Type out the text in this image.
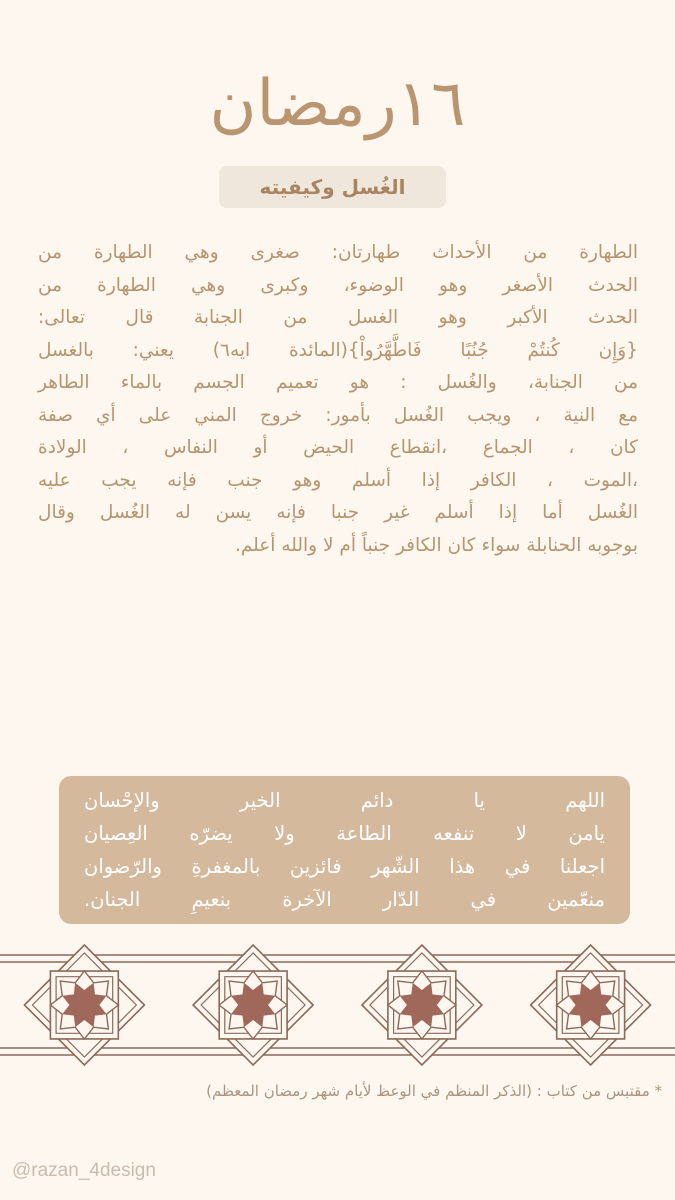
١٦رمضان
الغُسل وكيفيته

الطهارة من الأحداث طهارتان: صغرى وهي الطهارة من

الحدث الأصغر وهو الوضوء، وكبرى وهي الطهارة من

الحدث الأكبر وهو الغسل من الجنابة قال تعالى:

{وَإِن كُنتُمْ جُنُبًا فَاطَّهَّرُواْ}(المائدة ايه٦) يعني: بالغسل

من الجنابة، والغُسل : هو تعميم الجسم بالماء الطاهر

مع النية ، ويجب الغُسل بأمور: خروج المني على أي صفة

كان ، الجماع ،انقطاع الحيض أو النفاس ، الولادة

،الموت ، الكافر إذا أسلم وهو جنب فإنه يجب عليه

الغُسل أما إذا أسلم غير جنبا فإنه يسن له الغُسل وقال

بوجوبه الحنابلة سواء كان الكافر جنباً أم لا والله أعلم.

اللهم يا دائم الخير والإحْسان

يامن لا تنفعه الطاعة ولا يضرّه العِصيان

اجعلنا في هذا الشّهر فائزين بالمغفرةِ والرّضوان

منعّمين في الدّار الآخرة بنعيمِ الجنان.

* مقتبس من كتاب : (الذكر المنظم في الوعظ لأيام شهر رمضان المعظم)
@razan_4design
